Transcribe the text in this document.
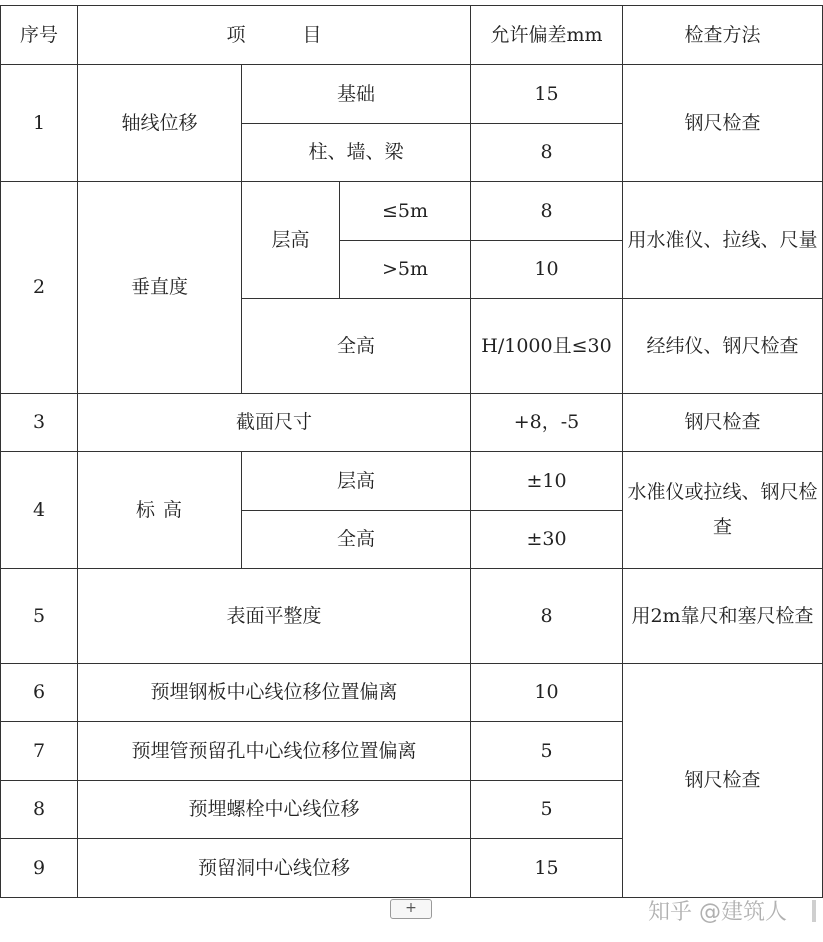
序号	项　　　目			允许偏差mm	检查方法
1	轴线位移	基础		15	钢尺检查
		柱、墙、梁		8	
2	垂直度	层高	≤5m	8	用水准仪、拉线、尺量
			>5m	10	
		全高		H/1000且≤30	经纬仪、钢尺检查
3	截面尺寸			+8，-5	钢尺检查
4	标 高	层高		±10	水准仪或拉线、钢尺检查
		全高		±30	
5	表面平整度			8	用2m靠尺和塞尺检查
6	预埋钢板中心线位移位置偏离			10	钢尺检查
7	预埋管预留孔中心线位移位置偏离			5	
8	预埋螺栓中心线位移			5	
9	预留洞中心线位移			15	
+	知乎 @建筑人
